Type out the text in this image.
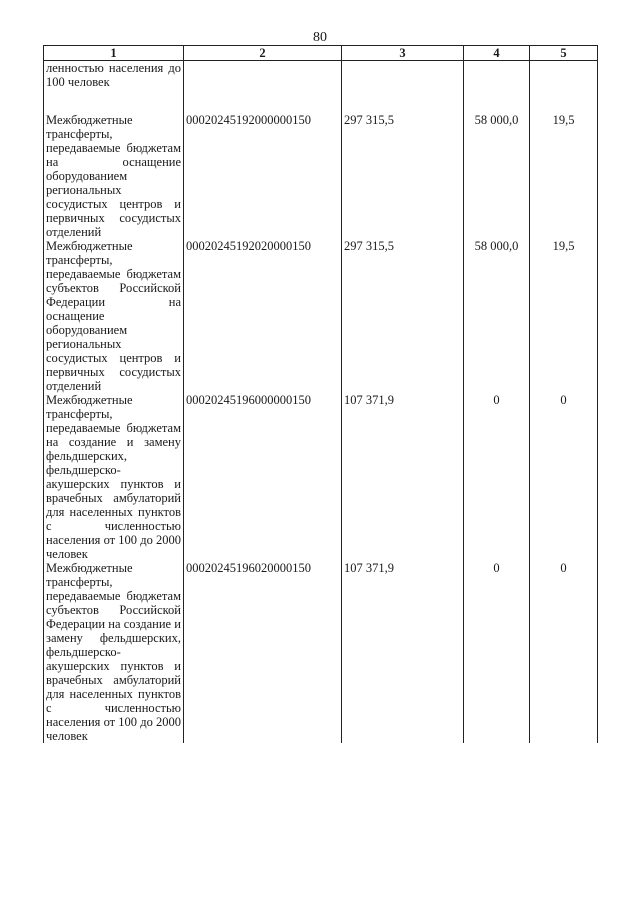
80
1	2	3	4	5
ленностью населения до 100 человек				
Межбюджетные трансферты, передаваемые бюджетам на оснащение оборудованием региональных сосудистых центров и первичных сосудистых отделений	00020245192000000150	297 315,5	58 000,0	19,5
Межбюджетные трансферты, передаваемые бюджетам субъектов Российской Федерации на оснащение оборудованием региональных сосудистых центров и первичных сосудистых отделений	00020245192020000150	297 315,5	58 000,0	19,5
Межбюджетные трансферты, передаваемые бюджетам на создание и замену фельдшерских, фельдшерско-акушерских пунктов и врачебных амбулаторий для населенных пунктов с численностью населения от 100 до 2000 человек	00020245196000000150	107 371,9	0	0
Межбюджетные трансферты, передаваемые бюджетам субъектов Российской Федерации на создание и замену фельдшерских, фельдшерско-акушерских пунктов и врачебных амбулаторий для населенных пунктов с численностью населения от 100 до 2000 человек	00020245196020000150	107 371,9	0	0
